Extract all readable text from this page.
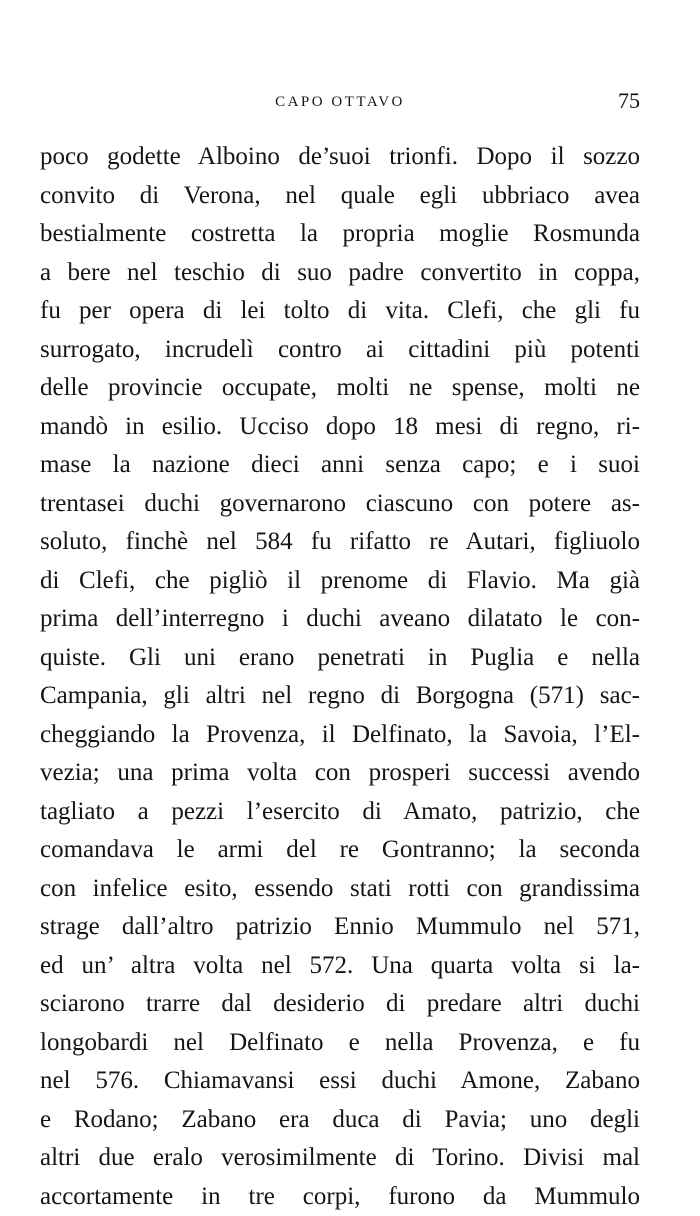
CAPO OTTAVO	75
poco godette Alboino de’suoi trionfi. Dopo il sozzo
convito di Verona, nel quale egli ubbriaco avea
bestialmente costretta la propria moglie Rosmunda
a bere nel teschio di suo padre convertito in coppa,
fu per opera di lei tolto di vita. Clefi, che gli fu
surrogato, incrudelì contro ai cittadini più potenti
delle provincie occupate, molti ne spense, molti ne
mandò in esilio. Ucciso dopo 18 mesi di regno, ri-
mase la nazione dieci anni senza capo; e i suoi
trentasei duchi governarono ciascuno con potere as-
soluto, finchè nel 584 fu rifatto re Autari, figliuolo
di Clefi, che pigliò il prenome di Flavio. Ma già
prima dell’interregno i duchi aveano dilatato le con-
quiste. Gli uni erano penetrati in Puglia e nella
Campania, gli altri nel regno di Borgogna (571) sac-
cheggiando la Provenza, il Delfinato, la Savoia, l’El-
vezia; una prima volta con prosperi successi avendo
tagliato a pezzi l’esercito di Amato, patrizio, che
comandava le armi del re Gontranno; la seconda
con infelice esito, essendo stati rotti con grandissima
strage dall’altro patrizio Ennio Mummulo nel 571,
ed un’ altra volta nel 572. Una quarta volta si la-
sciarono trarre dal desiderio di predare altri duchi
longobardi nel Delfinato e nella Provenza, e fu
nel 576. Chiamavansi essi duchi Amone, Zabano
e Rodano; Zabano era duca di Pavia; uno degli
altri due eralo verosimilmente di Torino. Divisi mal
accortamente in tre corpi, furono da Mummulo
